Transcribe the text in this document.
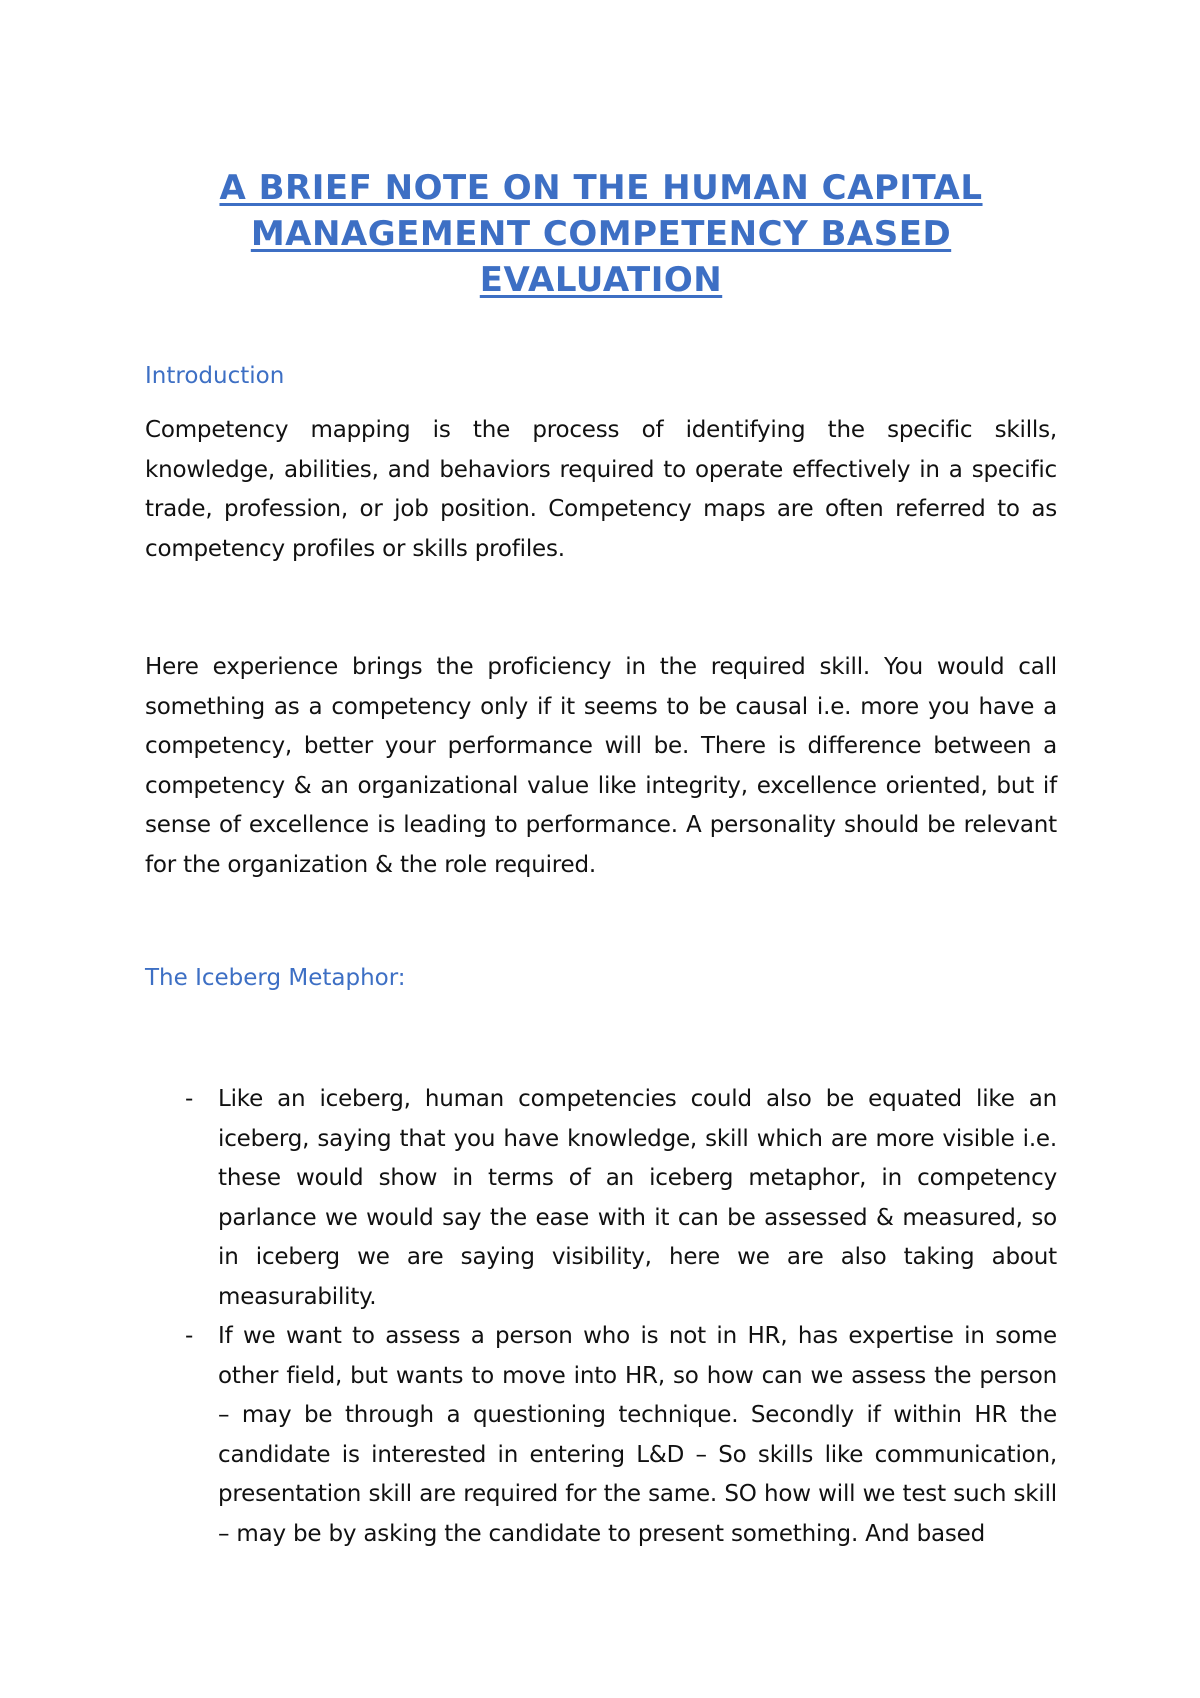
A BRIEF NOTE ON THE HUMAN CAPITAL MANAGEMENT COMPETENCY BASED EVALUATION
Introduction

Competency mapping is the process of identifying the specific skills, knowledge, abilities, and behaviors required to operate effectively in a specific trade, profession, or job position. Competency maps are often referred to as competency profiles or skills profiles.

Here experience brings the proficiency in the required skill. You would call something as a competency only if it seems to be causal i.e. more you have a competency, better your performance will be. There is difference between a competency & an organizational value like integrity, excellence oriented, but if sense of excellence is leading to performance. A personality should be relevant for the organization & the role required.

The Iceberg Metaphor:
- Like an iceberg, human competencies could also be equated like an iceberg, saying that you have knowledge, skill which are more visible i.e. these would show in terms of an iceberg metaphor, in competency parlance we would say the ease with it can be assessed & measured, so in iceberg we are saying visibility, here we are also taking about measurability.

- If we want to assess a person who is not in HR, has expertise in some other field, but wants to move into HR, so how can we assess the person – may be through a questioning technique. Secondly if within HR the candidate is interested in entering L&D – So skills like communication, presentation skill are required for the same. SO how will we test such skill – may be by asking the candidate to present something. And based
